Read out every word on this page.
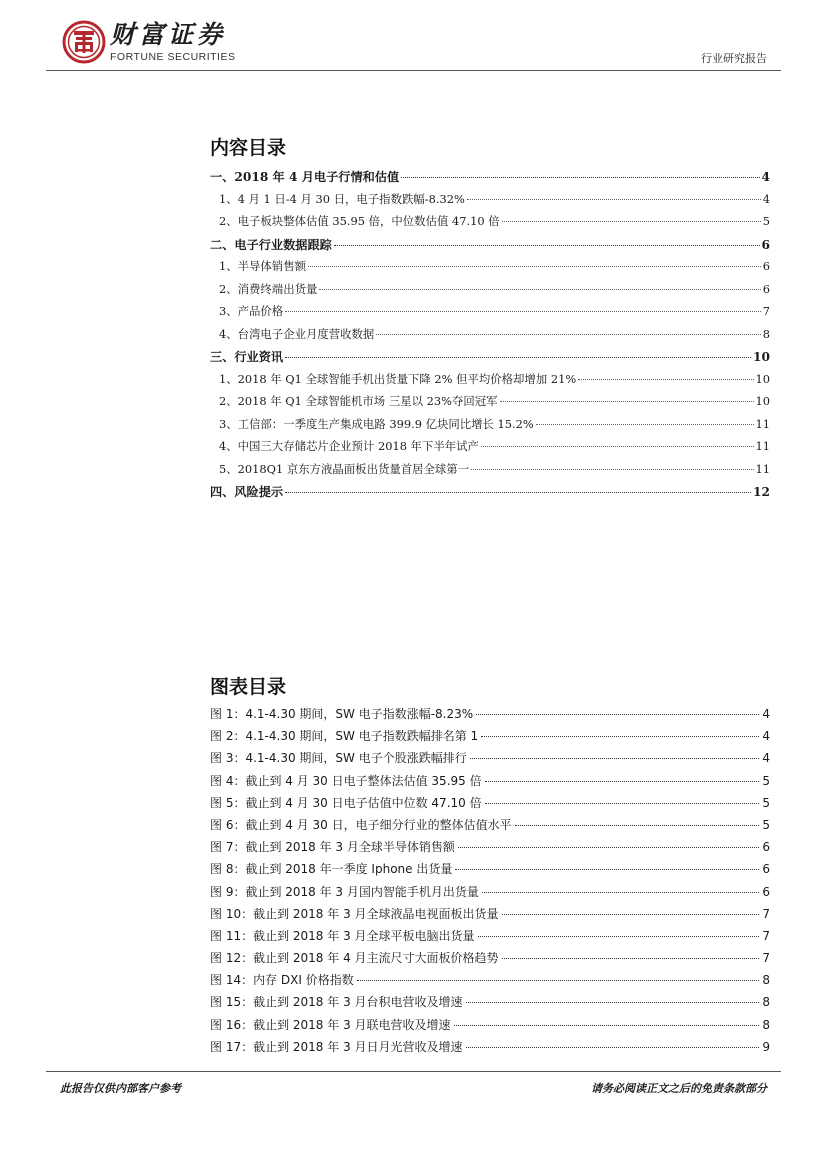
财富证券
FORTUNE SECURITIES	行业研究报告
内容目录
一、2018 年 4 月电子行情和估值	4
1、4 月 1 日-4 月 30 日，电子指数跌幅-8.32%	4
2、电子板块整体估值 35.95 倍，中位数估值 47.10 倍	5
二、电子行业数据跟踪	6
1、半导体销售额	6
2、消费终端出货量	6
3、产品价格	7
4、台湾电子企业月度营收数据	8
三、行业资讯	10
1、2018 年 Q1 全球智能手机出货量下降 2% 但平均价格却增加 21%	10
2、2018 年 Q1 全球智能机市场 三星以 23%夺回冠军	10
3、工信部：一季度生产集成电路 399.9 亿块同比增长 15.2%	11
4、中国三大存储芯片企业预计 2018 年下半年试产	11
5、2018Q1 京东方液晶面板出货量首居全球第一	11
四、风险提示	12
图表目录
图 1：4.1-4.30 期间，SW 电子指数涨幅-8.23%	4
图 2：4.1-4.30 期间，SW 电子指数跌幅排名第 1	4
图 3：4.1-4.30 期间，SW 电子个股涨跌幅排行	4
图 4：截止到 4 月 30 日电子整体法估值 35.95 倍	5
图 5：截止到 4 月 30 日电子估值中位数 47.10 倍	5
图 6：截止到 4 月 30 日，电子细分行业的整体估值水平	5
图 7：截止到 2018 年 3 月全球半导体销售额	6
图 8：截止到 2018 年一季度 Iphone 出货量	6
图 9：截止到 2018 年 3 月国内智能手机月出货量	6
图 10：截止到 2018 年 3 月全球液晶电视面板出货量	7
图 11：截止到 2018 年 3 月全球平板电脑出货量	7
图 12：截止到 2018 年 4 月主流尺寸大面板价格趋势	7
图 14：内存 DXI 价格指数	8
图 15：截止到 2018 年 3 月台积电营收及增速	8
图 16：截止到 2018 年 3 月联电营收及增速	8
图 17：截止到 2018 年 3 月日月光营收及增速	9
此报告仅供内部客户参考	请务必阅读正文之后的免责条款部分
